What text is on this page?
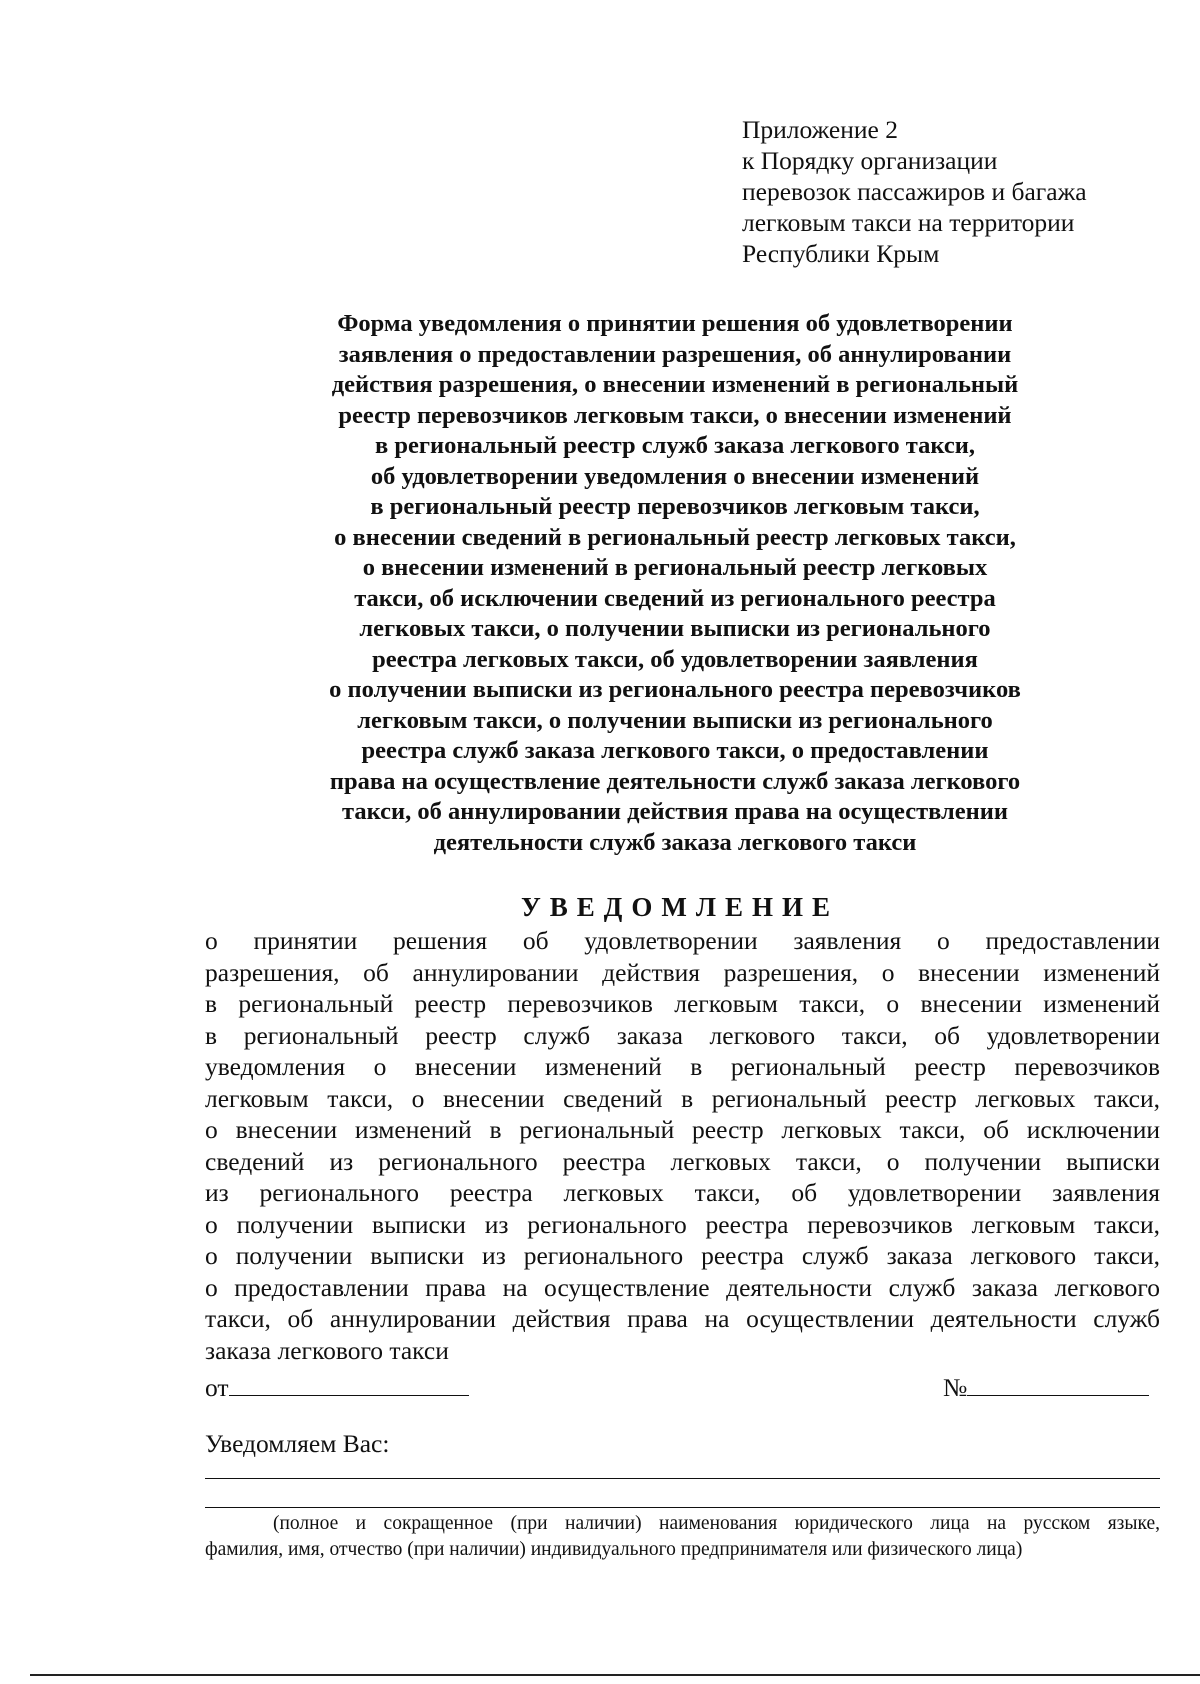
Приложение 2
к Порядку организации
перевозок пассажиров и багажа
легковым такси на территории
Республики Крым
Форма уведомления о принятии решения об удовлетворении
заявления о предоставлении разрешения, об аннулировании
действия разрешения, о внесении изменений в региональный
реестр перевозчиков легковым такси, о внесении изменений
в региональный реестр служб заказа легкового такси,
об удовлетворении уведомления о внесении изменений
в региональный реестр перевозчиков легковым такси,
о внесении сведений в региональный реестр легковых такси,
о внесении изменений в региональный реестр легковых
такси, об исключении сведений из регионального реестра
легковых такси, о получении выписки из регионального
реестра легковых такси, об удовлетворении заявления
о получении выписки из регионального реестра перевозчиков
легковым такси, о получении выписки из регионального
реестра служб заказа легкового такси, о предоставлении
права на осуществление деятельности служб заказа легкового
такси, об аннулировании действия права на осуществлении
деятельности служб заказа легкового такси
УВЕДОМЛЕНИЕ
о принятии решения об удовлетворении заявления о предоставлении
разрешения, об аннулировании действия разрешения, о внесении изменений
в региональный реестр перевозчиков легковым такси, о внесении изменений
в региональный реестр служб заказа легкового такси, об удовлетворении
уведомления о внесении изменений в региональный реестр перевозчиков
легковым такси, о внесении сведений в региональный реестр легковых такси,
о внесении изменений в региональный реестр легковых такси, об исключении
сведений из регионального реестра легковых такси, о получении выписки
из регионального реестра легковых такси, об удовлетворении заявления
о получении выписки из регионального реестра перевозчиков легковым такси,
о получении выписки из регионального реестра служб заказа легкового такси,
о предоставлении права на осуществление деятельности служб заказа легкового
такси, об аннулировании действия права на осуществлении деятельности служб
заказа легкового такси
от	№
Уведомляем Вас:
(полное и сокращенное (при наличии) наименования юридического лица на русском языке,
фамилия, имя, отчество (при наличии) индивидуального предпринимателя или физического лица)
